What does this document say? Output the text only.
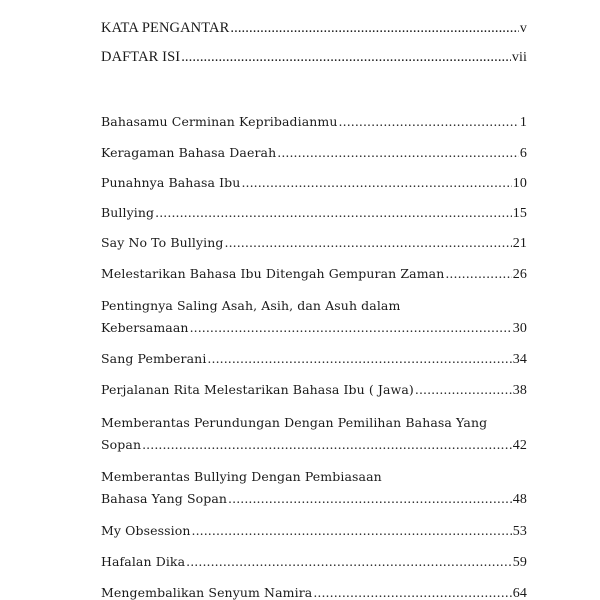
KATA PENGANTAR .....	v
DAFTAR ISI .....	vii
Bahasamu Cerminan Kepribadianmu .....	1
Keragaman Bahasa Daerah .....	6
Punahnya Bahasa Ibu .....	10
Bullying .....	15
Say No To Bullying .....	21
Melestarikan Bahasa Ibu Ditengah Gempuran Zaman .....	26
Pentingnya Saling Asah, Asih, dan Asuh dalam
Kebersamaan .....	30
Sang Pemberani .....	34
Perjalanan Rita Melestarikan Bahasa Ibu ( Jawa) .....	38
Memberantas Perundungan Dengan Pemilihan Bahasa Yang
Sopan .....	42
Memberantas Bullying Dengan Pembiasaan
Bahasa Yang Sopan .....	48
My Obsession .....	53
Hafalan Dika .....	59
Mengembalikan Senyum Namira .....	64
